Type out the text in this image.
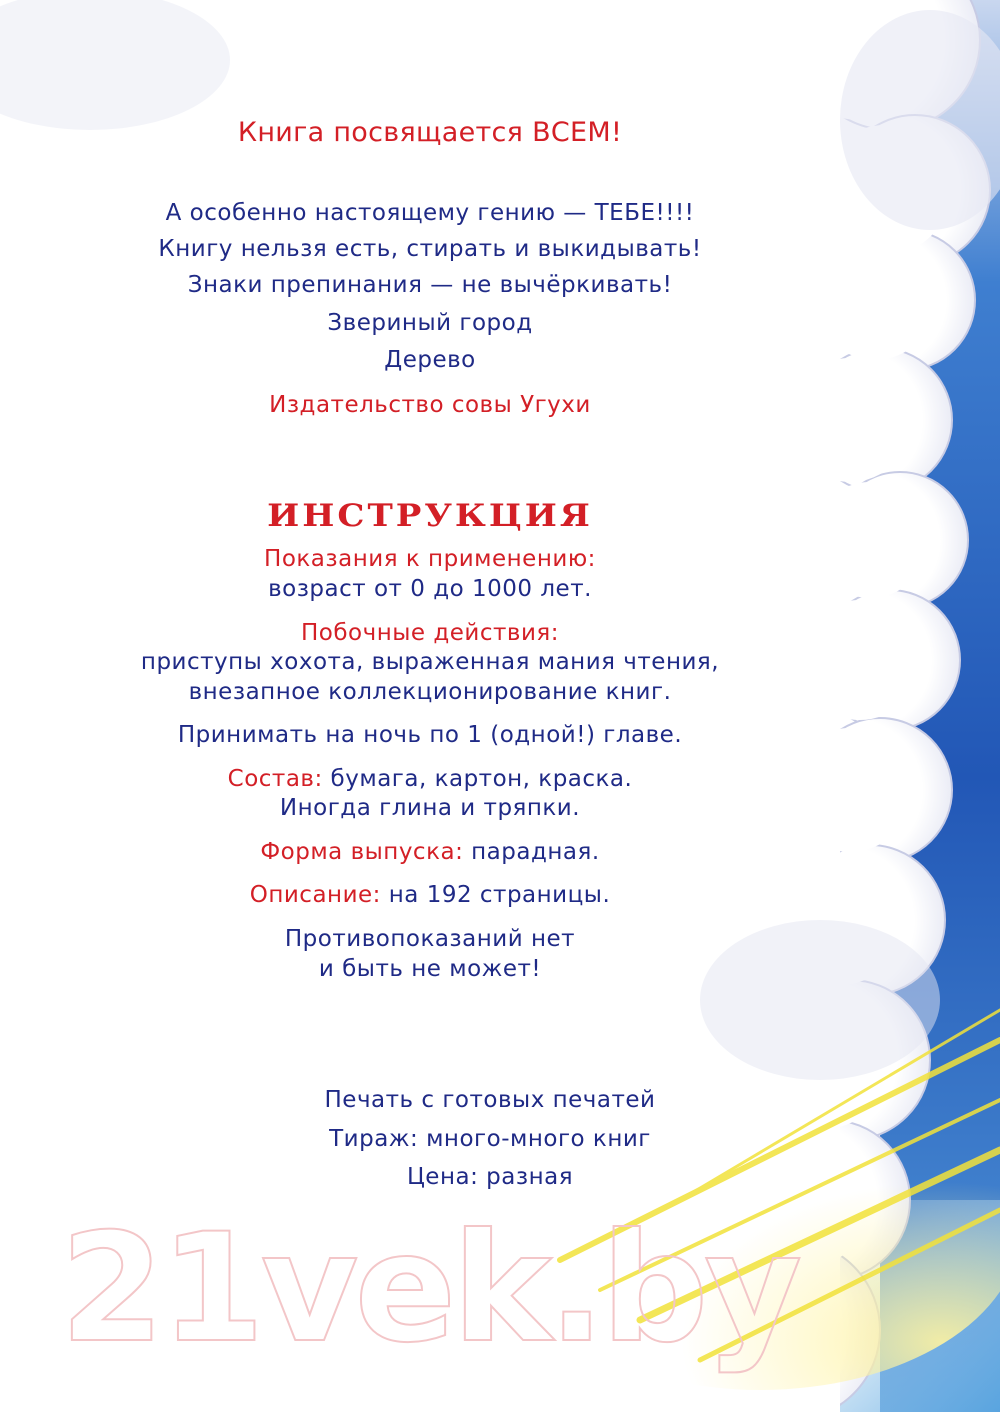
21vek.by
Книга посвящается ВСЕМ!
А особенно настоящему гению — ТЕБЕ!!!!
Книгу нельзя есть, стирать и выкидывать!
Знаки препинания — не вычёркивать!
Звериный город
Дерево
Издательство совы Угухи
ИНСТРУКЦИЯ
Показания к применению:
возраст от 0 до 1000 лет.
Побочные действия:
приступы хохота, выраженная мания чтения,
внезапное коллекционирование книг.
Принимать на ночь по 1 (одной!) главе.
Состав: бумага, картон, краска.
Иногда глина и тряпки.
Форма выпуска: парадная.
Описание: на 192 страницы.
Противопоказаний нет
и быть не может!
Печать с готовых печатей
Тираж: много-много книг
Цена: разная
